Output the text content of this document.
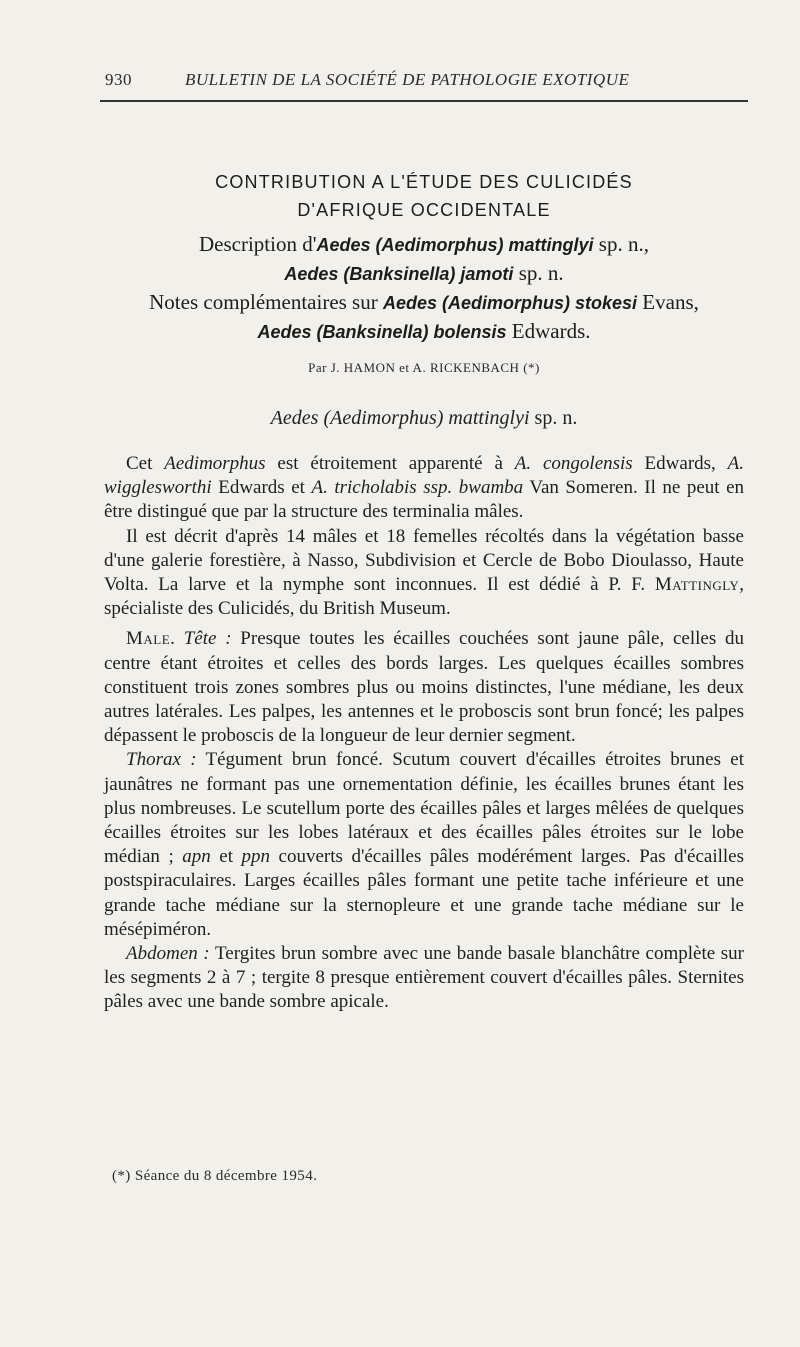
930	BULLETIN DE LA SOCIÉTÉ DE PATHOLOGIE EXOTIQUE
CONTRIBUTION A L'ÉTUDE DES CULICIDÉS
D'AFRIQUE OCCIDENTALE
Description d'Aedes (Aedimorphus) mattinglyi sp. n.,
Aedes (Banksinella) jamoti sp. n.
Notes complémentaires sur Aedes (Aedimorphus) stokesi Evans,
Aedes (Banksinella) bolensis Edwards.
Par J. HAMON et A. RICKENBACH (*)
Aedes (Aedimorphus) mattinglyi sp. n.

Cet Aedimorphus est étroitement apparenté à A. congolensis Edwards, A. wigglesworthi Edwards et A. tricholabis ssp. bwamba Van Someren. Il ne peut en être distingué que par la structure des terminalia mâles.

Il est décrit d'après 14 mâles et 18 femelles récoltés dans la végétation basse d'une galerie forestière, à Nasso, Subdivision et Cercle de Bobo Dioulasso, Haute Volta. La larve et la nymphe sont inconnues. Il est dédié à P. F. Mattingly, spécialiste des Culicidés, du British Museum.

Male. Tête : Presque toutes les écailles couchées sont jaune pâle, celles du centre étant étroites et celles des bords larges. Les quelques écailles sombres constituent trois zones sombres plus ou moins distinctes, l'une médiane, les deux autres latérales. Les palpes, les antennes et le proboscis sont brun foncé; les palpes dépassent le proboscis de la longueur de leur dernier segment.

Thorax : Tégument brun foncé. Scutum couvert d'écailles étroites brunes et jaunâtres ne formant pas une ornementation définie, les écailles brunes étant les plus nombreuses. Le scutellum porte des écailles pâles et larges mêlées de quelques écailles étroites sur les lobes latéraux et des écailles pâles étroites sur le lobe médian ; apn et ppn couverts d'écailles pâles modérément larges. Pas d'écailles postspiraculaires. Larges écailles pâles formant une petite tache inférieure et une grande tache médiane sur la sternopleure et une grande tache médiane sur le mésépiméron.

Abdomen : Tergites brun sombre avec une bande basale blanchâtre complète sur les segments 2 à 7 ; tergite 8 presque entièrement couvert d'écailles pâles. Sternites pâles avec une bande sombre apicale.

(*) Séance du 8 décembre 1954.
